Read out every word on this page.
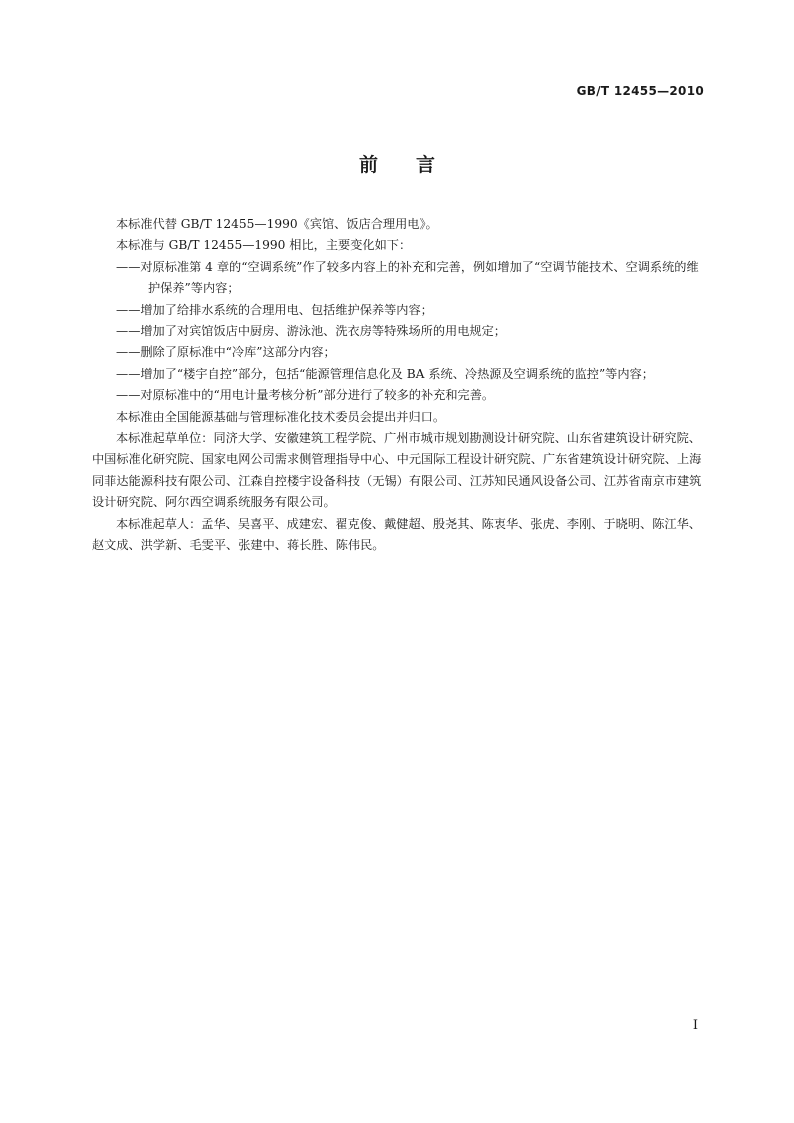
GB/T 12455—2010
前言

本标准代替 GB/T 12455—1990《宾馆、饭店合理用电》。

本标准与 GB/T 12455—1990 相比，主要变化如下：

——对原标准第 4 章的“空调系统”作了较多内容上的补充和完善，例如增加了“空调节能技术、空调系统的维护保养”等内容；

——增加了给排水系统的合理用电、包括维护保养等内容；

——增加了对宾馆饭店中厨房、游泳池、洗衣房等特殊场所的用电规定；

——删除了原标准中“冷库”这部分内容；

——增加了“楼宇自控”部分，包括“能源管理信息化及 BA 系统、冷热源及空调系统的监控”等内容；

——对原标准中的“用电计量考核分析”部分进行了较多的补充和完善。

本标准由全国能源基础与管理标准化技术委员会提出并归口。

本标准起草单位：同济大学、安徽建筑工程学院、广州市城市规划勘测设计研究院、山东省建筑设计研究院、中国标准化研究院、国家电网公司需求侧管理指导中心、中元国际工程设计研究院、广东省建筑设计研究院、上海同菲达能源科技有限公司、江森自控楼宇设备科技（无锡）有限公司、江苏知民通风设备公司、江苏省南京市建筑设计研究院、阿尔西空调系统服务有限公司。

本标准起草人：孟华、吴喜平、成建宏、翟克俊、戴健超、殷尧其、陈衷华、张虎、李刚、于晓明、陈江华、赵文成、洪学新、毛雯平、张建中、蒋长胜、陈伟民。

I
